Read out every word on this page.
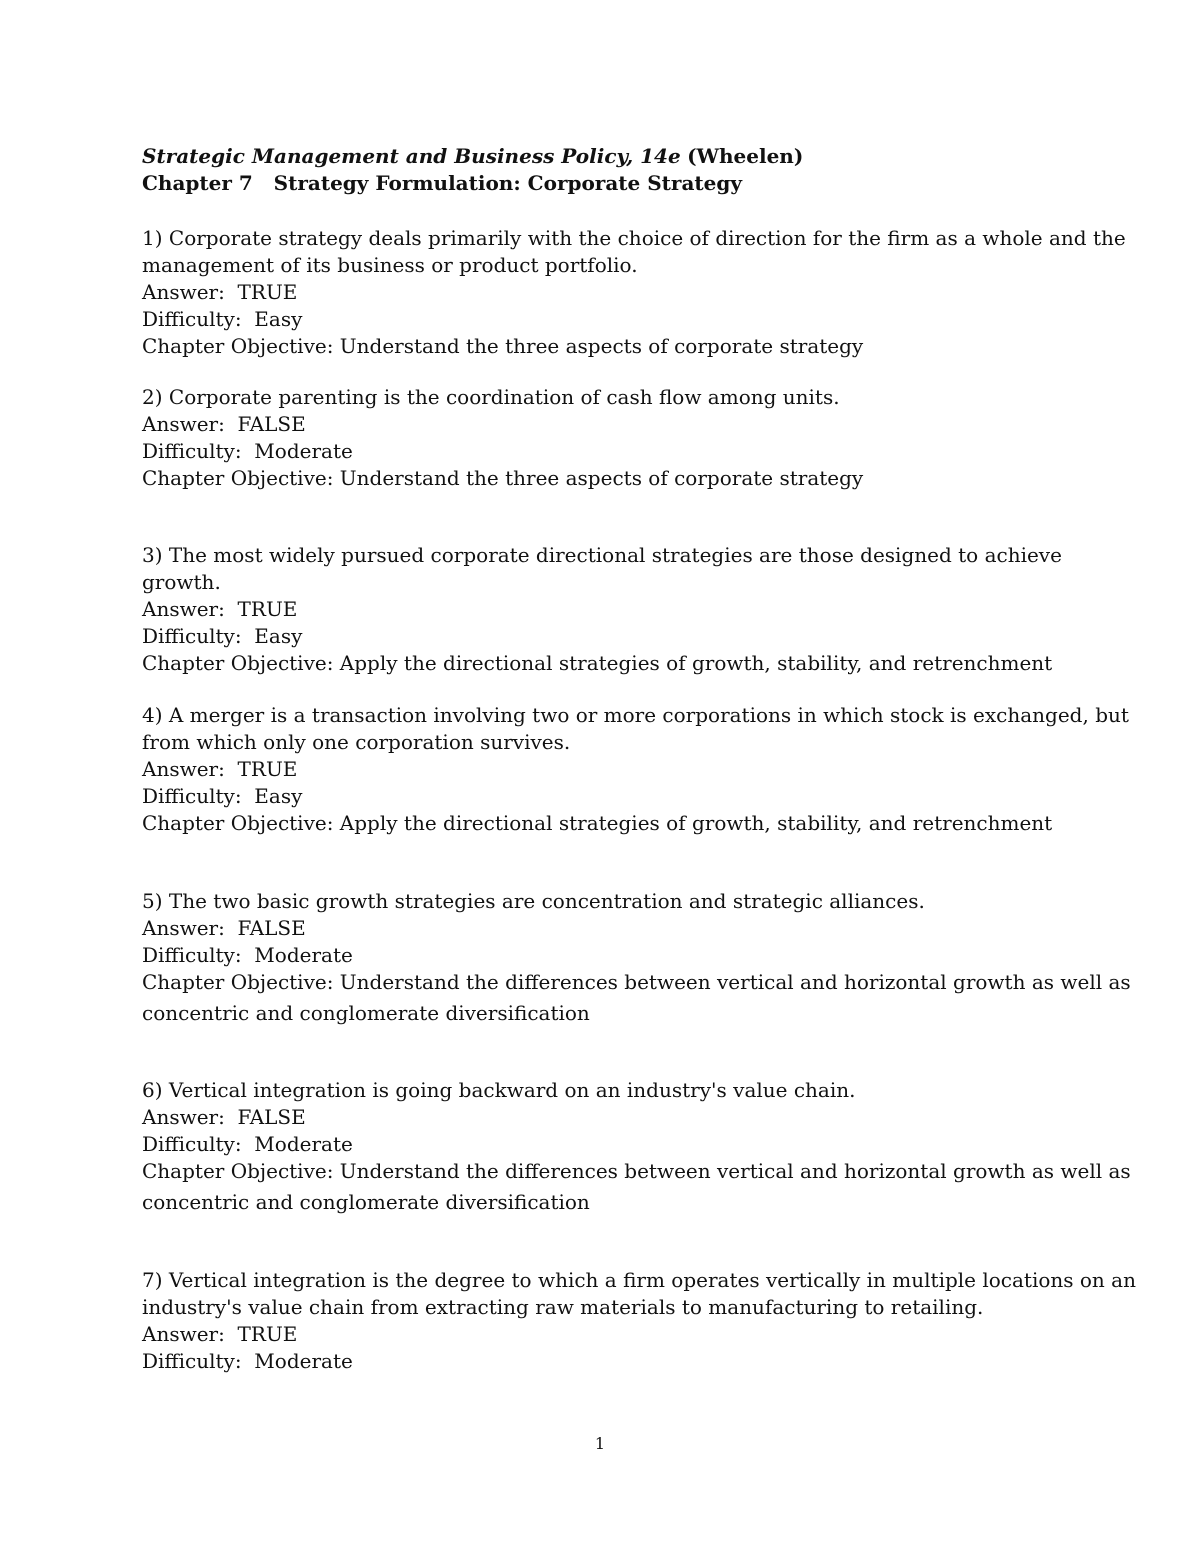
Strategic Management and Business Policy, 14e (Wheelen)
Chapter 7   Strategy Formulation: Corporate Strategy
1) Corporate strategy deals primarily with the choice of direction for the firm as a whole and the
management of its business or product portfolio.
Answer:  TRUE
Difficulty:  Easy
Chapter Objective: Understand the three aspects of corporate strategy
2) Corporate parenting is the coordination of cash flow among units.
Answer:  FALSE
Difficulty:  Moderate
Chapter Objective: Understand the three aspects of corporate strategy
3) The most widely pursued corporate directional strategies are those designed to achieve
growth.
Answer:  TRUE
Difficulty:  Easy
Chapter Objective: Apply the directional strategies of growth, stability, and retrenchment
4) A merger is a transaction involving two or more corporations in which stock is exchanged, but
from which only one corporation survives.
Answer:  TRUE
Difficulty:  Easy
Chapter Objective: Apply the directional strategies of growth, stability, and retrenchment
5) The two basic growth strategies are concentration and strategic alliances.
Answer:  FALSE
Difficulty:  Moderate
Chapter Objective: Understand the differences between vertical and horizontal growth as well as
concentric and conglomerate diversification
6) Vertical integration is going backward on an industry's value chain.
Answer:  FALSE
Difficulty:  Moderate
Chapter Objective: Understand the differences between vertical and horizontal growth as well as
concentric and conglomerate diversification
7) Vertical integration is the degree to which a firm operates vertically in multiple locations on an
industry's value chain from extracting raw materials to manufacturing to retailing.
Answer:  TRUE
Difficulty:  Moderate
1
